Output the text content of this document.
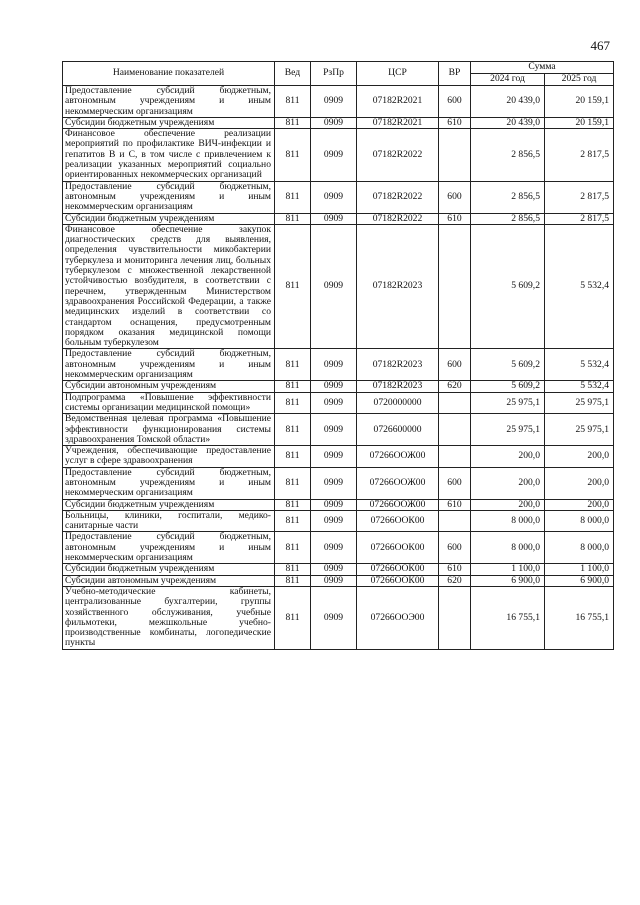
467
Наименование показателей	Вед	РзПр	ЦСР	ВР	Сумма	
					2024 год	2025 год
Предоставление субсидий бюджетным, автономным учреждениям и иным некоммерческим организациям	811	0909	07182R2021	600	20 439,0	20 159,1
Субсидии бюджетным учреждениям	811	0909	07182R2021	610	20 439,0	20 159,1
Финансовое обеспечение реализации мероприятий по профилактике ВИЧ-инфекции и гепатитов В и С, в том числе с привлечением к реализации указанных мероприятий социально ориентированных некоммерческих организаций	811	0909	07182R2022		2 856,5	2 817,5
Предоставление субсидий бюджетным, автономным учреждениям и иным некоммерческим организациям	811	0909	07182R2022	600	2 856,5	2 817,5
Субсидии бюджетным учреждениям	811	0909	07182R2022	610	2 856,5	2 817,5
Финансовое обеспечение закупок диагностических средств для выявления, определения чувствительности микобактерии туберкулеза и мониторинга лечения лиц, больных туберкулезом с множественной лекарственной устойчивостью возбудителя, в соответствии с перечнем, утвержденным Министерством здравоохранения Российской Федерации, а также медицинских изделий в соответствии со стандартом оснащения, предусмотренным порядком оказания медицинской помощи больным туберкулезом	811	0909	07182R2023		5 609,2	5 532,4
Предоставление субсидий бюджетным, автономным учреждениям и иным некоммерческим организациям	811	0909	07182R2023	600	5 609,2	5 532,4
Субсидии автономным учреждениям	811	0909	07182R2023	620	5 609,2	5 532,4
Подпрограмма «Повышение эффективности системы организации медицинской помощи»	811	0909	0720000000		25 975,1	25 975,1
Ведомственная целевая программа «Повышение эффективности функционирования системы здравоохранения Томской области»	811	0909	0726600000		25 975,1	25 975,1
Учреждения, обеспечивающие предоставление услуг в сфере здравоохранения	811	0909	07266ООЖ00		200,0	200,0
Предоставление субсидий бюджетным, автономным учреждениям и иным некоммерческим организациям	811	0909	07266ООЖ00	600	200,0	200,0
Субсидии бюджетным учреждениям	811	0909	07266ООЖ00	610	200,0	200,0
Больницы, клиники, госпитали, медико-санитарные части	811	0909	07266ООК00		8 000,0	8 000,0
Предоставление субсидий бюджетным, автономным учреждениям и иным некоммерческим организациям	811	0909	07266ООК00	600	8 000,0	8 000,0
Субсидии бюджетным учреждениям	811	0909	07266ООК00	610	1 100,0	1 100,0
Субсидии автономным учреждениям	811	0909	07266ООК00	620	6 900,0	6 900,0
Учебно-методические кабинеты, централизованные бухгалтерии, группы хозяйственного обслуживания, учебные фильмотеки, межшкольные учебно-производственные комбинаты, логопедические пункты	811	0909	07266ООЭ00		16 755,1	16 755,1
